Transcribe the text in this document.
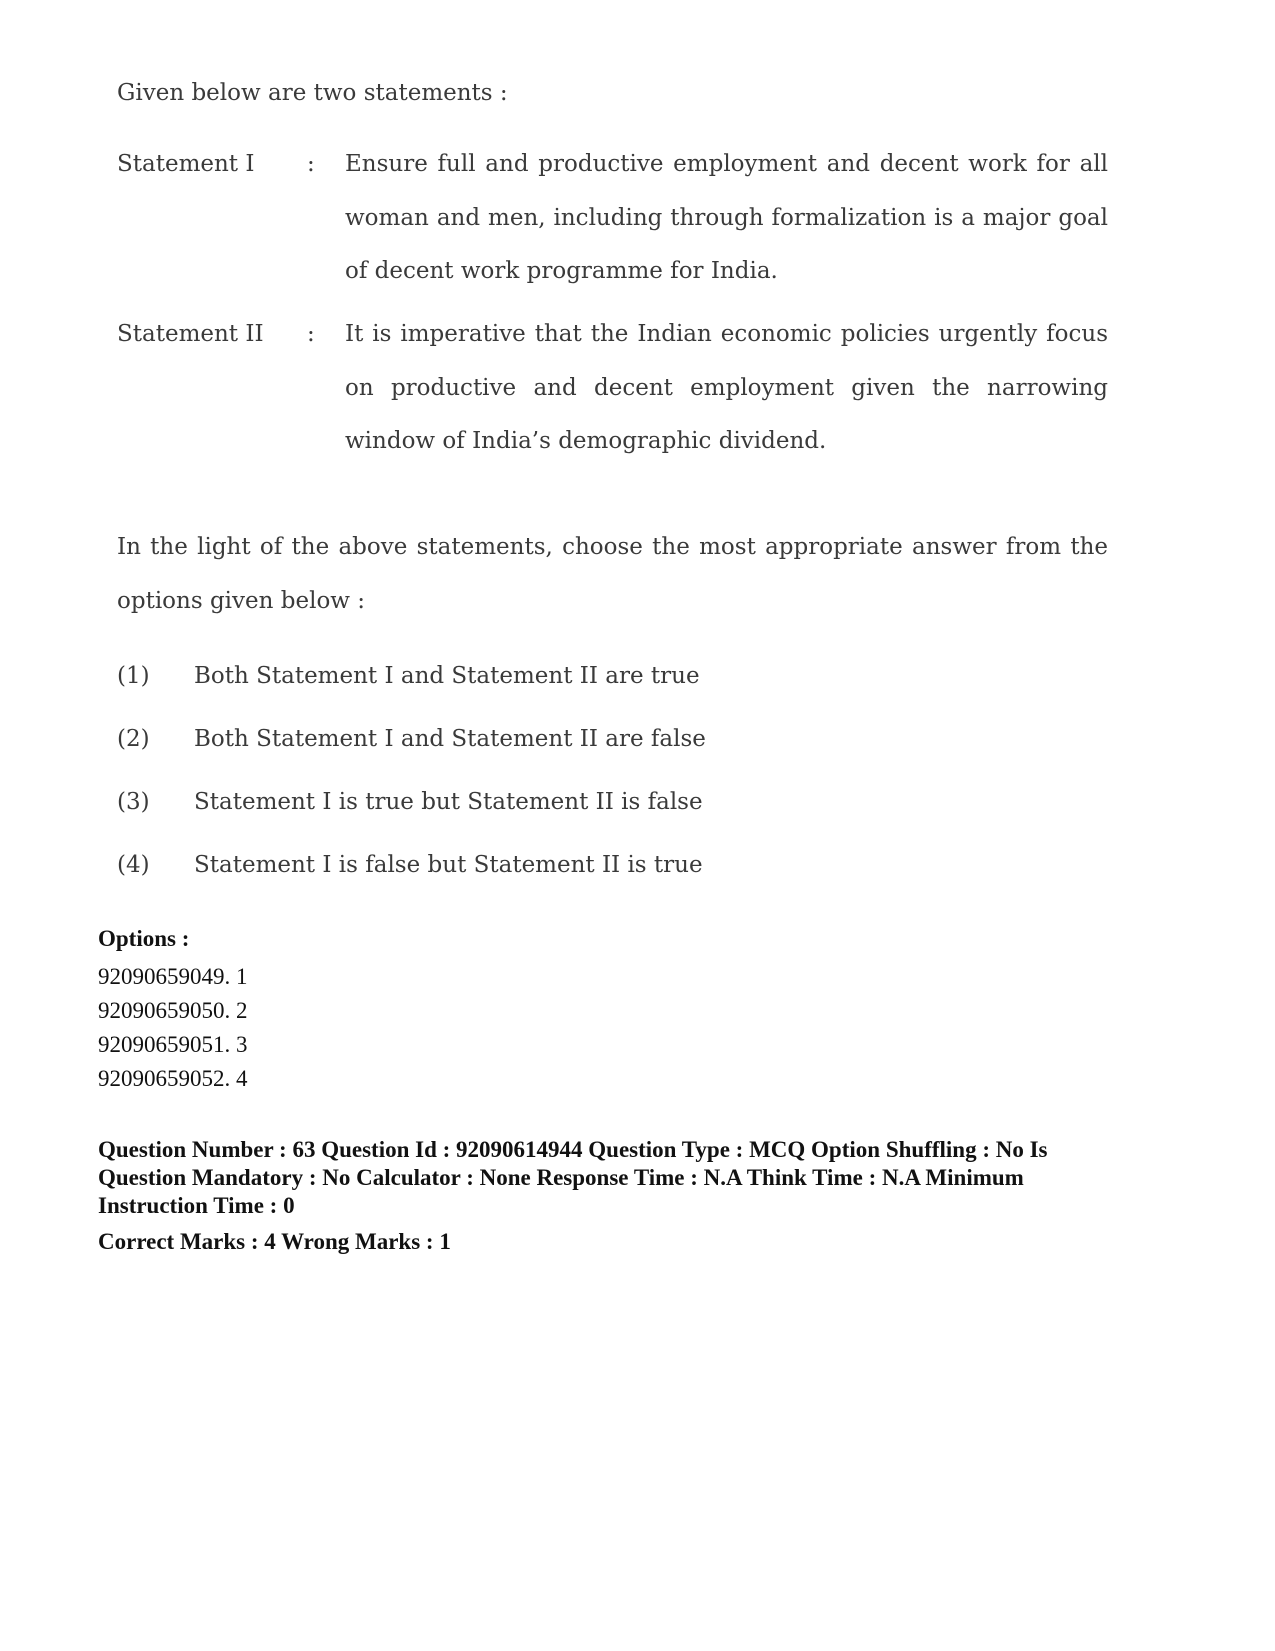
Given below are two statements :

Statement I	: Ensure full and productive employment and decent work for all woman and men, including through formalization is a major goal of decent work programme for India.

Statement II	: It is imperative that the Indian economic policies urgently focus on productive and decent employment given the narrowing window of India’s demographic dividend.

In the light of the above statements, choose the most appropriate answer from the options given below :

(1)	Both Statement I and Statement II are true
(2)	Both Statement I and Statement II are false
(3)	Statement I is true but Statement II is false
(4)	Statement I is false but Statement II is true

Options :

92090659049. 1
92090659050. 2
92090659051. 3
92090659052. 4

Question Number : 63 Question Id : 92090614944 Question Type : MCQ Option Shuffling : No Is Question Mandatory : No Calculator : None Response Time : N.A Think Time : N.A Minimum Instruction Time : 0

Correct Marks : 4 Wrong Marks : 1
